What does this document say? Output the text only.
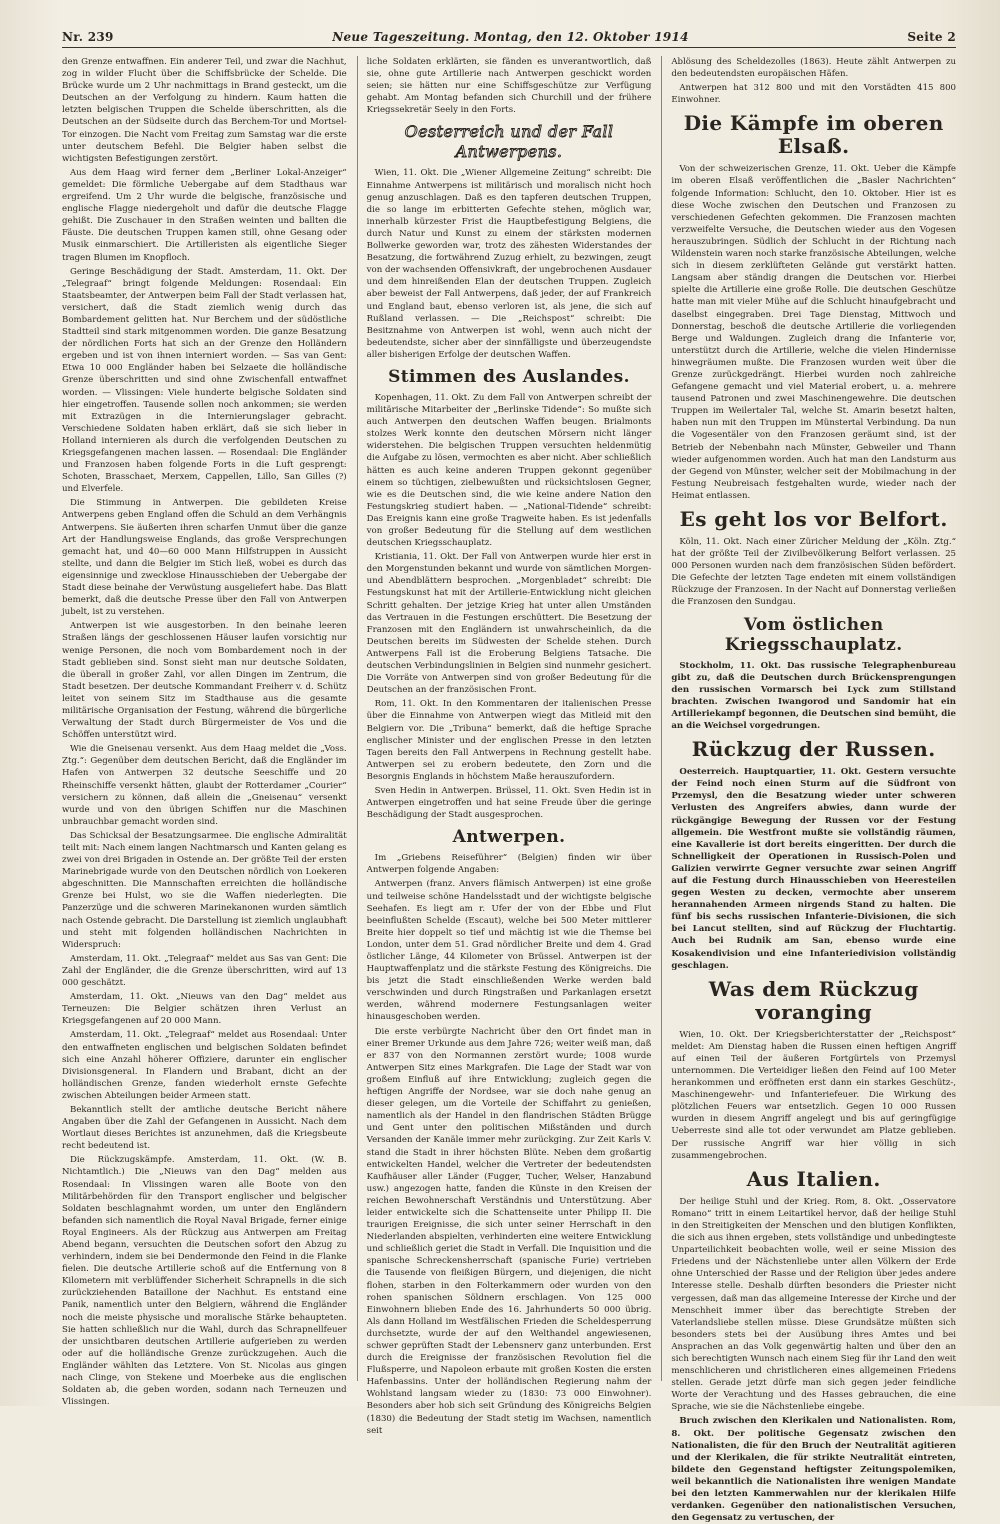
Nr. 239	Neue Tageszeitung. Montag, den 12. Oktober 1914	Seite 2

den Grenze entwaffnen. Ein anderer Teil, und zwar die Nachhut, zog in wilder Flucht über die Schiffsbrücke der Schelde. Die Brücke wurde um 2 Uhr nachmittags in Brand gesteckt, um die Deutschen an der Verfolgung zu hindern. Kaum hatten die letzten belgischen Truppen die Schelde überschritten, als die Deutschen an der Südseite durch das Berchem-Tor und Mortsel-Tor einzogen. Die Nacht vom Freitag zum Samstag war die erste unter deutschem Befehl. Die Belgier haben selbst die wichtigsten Befestigungen zerstört.

Aus dem Haag wird ferner dem „Berliner Lokal-Anzeiger“ gemeldet: Die förmliche Uebergabe auf dem Stadthaus war ergreifend. Um 2 Uhr wurde die belgische, französische und englische Flagge niedergeholt und dafür die deutsche Flagge gehißt. Die Zuschauer in den Straßen weinten und ballten die Fäuste. Die deutschen Truppen kamen still, ohne Gesang oder Musik einmarschiert. Die Artilleristen als eigentliche Sieger tragen Blumen im Knopfloch.

Geringe Beschädigung der Stadt. Amsterdam, 11. Okt. Der „Telegraaf“ bringt folgende Meldungen: Rosendaal: Ein Staatsbeamter, der Antwerpen beim Fall der Stadt verlassen hat, versichert, daß die Stadt ziemlich wenig durch das Bombardement gelitten hat. Nur Berchem und der südöstliche Stadtteil sind stark mitgenommen worden. Die ganze Besatzung der nördlichen Forts hat sich an der Grenze den Holländern ergeben und ist von ihnen interniert worden. — Sas van Gent: Etwa 10 000 Engländer haben bei Selzaete die holländische Grenze überschritten und sind ohne Zwischenfall entwaffnet worden. — Vlissingen: Viele hunderte belgische Soldaten sind hier eingetroffen. Tausende sollen noch ankommen; sie werden mit Extrazügen in die Internierungslager gebracht. Verschiedene Soldaten haben erklärt, daß sie sich lieber in Holland internieren als durch die verfolgenden Deutschen zu Kriegsgefangenen machen lassen. — Rosendaal: Die Engländer und Franzosen haben folgende Forts in die Luft gesprengt: Schoten, Brasschaet, Merxem, Cappellen, Lillo, San Gilles (?) und Elverfele.

Die Stimmung in Antwerpen. Die gebildeten Kreise Antwerpens geben England offen die Schuld an dem Verhängnis Antwerpens. Sie äußerten ihren scharfen Unmut über die ganze Art der Handlungsweise Englands, das große Versprechungen gemacht hat, und 40—60 000 Mann Hilfstruppen in Aussicht stellte, und dann die Belgier im Stich ließ, wobei es durch das eigensinnige und zwecklose Hinausschieben der Uebergabe der Stadt diese beinahe der Verwüstung ausgeliefert habe. Das Blatt bemerkt, daß die deutsche Presse über den Fall von Antwerpen jubelt, ist zu verstehen.

Antwerpen ist wie ausgestorben. In den beinahe leeren Straßen längs der geschlossenen Häuser laufen vorsichtig nur wenige Personen, die noch vom Bombardement noch in der Stadt geblieben sind. Sonst sieht man nur deutsche Soldaten, die überall in großer Zahl, vor allen Dingen im Zentrum, die Stadt besetzen. Der deutsche Kommandant Freiherr v. d. Schütz leitet von seinem Sitz im Stadthause aus die gesamte militärische Organisation der Festung, während die bürgerliche Verwaltung der Stadt durch Bürgermeister de Vos und die Schöffen unterstützt wird.

Wie die Gneisenau versenkt. Aus dem Haag meldet die „Voss. Ztg.“: Gegenüber dem deutschen Bericht, daß die Engländer im Hafen von Antwerpen 32 deutsche Seeschiffe und 20 Rheinschiffe versenkt hätten, glaubt der Rotterdamer „Courier“ versichern zu können, daß allein die „Gneisenau“ versenkt wurde und von den übrigen Schiffen nur die Maschinen unbrauchbar gemacht worden sind.

Das Schicksal der Besatzungsarmee. Die englische Admiralität teilt mit: Nach einem langen Nachtmarsch und Kanten gelang es zwei von drei Brigaden in Ostende an. Der größte Teil der ersten Marinebrigade wurde von den Deutschen nördlich von Loekeren abgeschnitten. Die Mannschaften erreichten die holländische Grenze bei Hulst, wo sie die Waffen niederlegten. Die Panzerzüge und die schweren Marinekanonen wurden sämtlich nach Ostende gebracht. Die Darstellung ist ziemlich unglaubhaft und steht mit folgenden holländischen Nachrichten in Widerspruch:

Amsterdam, 11. Okt. „Telegraaf“ meldet aus Sas van Gent: Die Zahl der Engländer, die die Grenze überschritten, wird auf 13 000 geschätzt.

Amsterdam, 11. Okt. „Nieuws van den Dag“ meldet aus Terneuzen: Die Belgier schätzen ihren Verlust an Kriegsgefangenen auf 20 000 Mann.

Amsterdam, 11. Okt. „Telegraaf“ meldet aus Rosendaal: Unter den entwaffneten englischen und belgischen Soldaten befindet sich eine Anzahl höherer Offiziere, darunter ein englischer Divisionsgeneral. In Flandern und Brabant, dicht an der holländischen Grenze, fanden wiederholt ernste Gefechte zwischen Abteilungen beider Armeen statt.

Bekanntlich stellt der amtliche deutsche Bericht nähere Angaben über die Zahl der Gefangenen in Aussicht. Nach dem Wortlaut dieses Berichtes ist anzunehmen, daß die Kriegsbeute recht bedeutend ist.

Die Rückzugskämpfe. Amsterdam, 11. Okt. (W. B. Nichtamtlich.) Die „Nieuws van den Dag“ melden aus Rosendaal: In Vlissingen waren alle Boote von den Militärbehörden für den Transport englischer und belgischer Soldaten beschlagnahmt worden, um unter den Engländern befanden sich namentlich die Royal Naval Brigade, ferner einige Royal Engineers. Als der Rückzug aus Antwerpen am Freitag Abend begann, versuchten die Deutschen sofort den Abzug zu verhindern, indem sie bei Dendermonde den Feind in die Flanke fielen. Die deutsche Artillerie schoß auf die Entfernung von 8 Kilometern mit verblüffender Sicherheit Schrapnells in die sich zurückziehenden Bataillone der Nachhut. Es entstand eine Panik, namentlich unter den Belgiern, während die Engländer noch die meiste physische und moralische Stärke behaupteten. Sie hatten schließlich nur die Wahl, durch das Schrapnellfeuer der unsichtbaren deutschen Artillerie aufgerieben zu werden oder auf die holländische Grenze zurückzugehen. Auch die Engländer wählten das Letztere. Von St. Nicolas aus gingen nach Clinge, von Stekene und Moerbeke aus die englischen Soldaten ab, die geben worden, sodann nach Terneuzen und Vlissingen.

liche Soldaten erklärten, sie fänden es unverantwortlich, daß sie, ohne gute Artillerie nach Antwerpen geschickt worden seien; sie hätten nur eine Schiffsgeschütze zur Verfügung gehabt. Am Montag befanden sich Churchill und der frühere Kriegssekretär Seely in den Forts.

Oesterreich und der Fall Antwerpens.

Wien, 11. Okt. Die „Wiener Allgemeine Zeitung“ schreibt: Die Einnahme Antwerpens ist militärisch und moralisch nicht hoch genug anzuschlagen. Daß es den tapferen deutschen Truppen, die so lange im erbitterten Gefechte stehen, möglich war, innerhalb kürzester Frist die Hauptbefestigung Belgiens, die durch Natur und Kunst zu einem der stärksten modernen Bollwerke geworden war, trotz des zähesten Widerstandes der Besatzung, die fortwährend Zuzug erhielt, zu bezwingen, zeugt von der wachsenden Offensivkraft, der ungebrochenen Ausdauer und dem hinreißenden Elan der deutschen Truppen. Zugleich aber beweist der Fall Antwerpens, daß jeder, der auf Frankreich und England baut, ebenso verloren ist, als jene, die sich auf Rußland verlassen. — Die „Reichspost“ schreibt: Die Besitznahme von Antwerpen ist wohl, wenn auch nicht der bedeutendste, sicher aber der sinnfälligste und überzeugendste aller bisherigen Erfolge der deutschen Waffen.

Stimmen des Auslandes.

Kopenhagen, 11. Okt. Zu dem Fall von Antwerpen schreibt der militärische Mitarbeiter der „Berlinske Tidende“: So mußte sich auch Antwerpen den deutschen Waffen beugen. Brialmonts stolzes Werk konnte den deutschen Mörsern nicht länger widerstehen. Die belgischen Truppen versuchten heldenmütig die Aufgabe zu lösen, vermochten es aber nicht. Aber schließlich hätten es auch keine anderen Truppen gekonnt gegenüber einem so tüchtigen, zielbewußten und rücksichtslosen Gegner, wie es die Deutschen sind, die wie keine andere Nation den Festungskrieg studiert haben. — „National-Tidende“ schreibt: Das Ereignis kann eine große Tragweite haben. Es ist jedenfalls von großer Bedeutung für die Stellung auf dem westlichen deutschen Kriegsschauplatz.

Kristiania, 11. Okt. Der Fall von Antwerpen wurde hier erst in den Morgenstunden bekannt und wurde von sämtlichen Morgen- und Abendblättern besprochen. „Morgenbladet“ schreibt: Die Festungskunst hat mit der Artillerie-Entwicklung nicht gleichen Schritt gehalten. Der jetzige Krieg hat unter allen Umständen das Vertrauen in die Festungen erschüttert. Die Besetzung der Franzosen mit den Engländern ist unwahrscheinlich, da die Deutschen bereits im Südwesten der Schelde stehen. Durch Antwerpens Fall ist die Eroberung Belgiens Tatsache. Die deutschen Verbindungslinien in Belgien sind nunmehr gesichert. Die Vorräte von Antwerpen sind von großer Bedeutung für die Deutschen an der französischen Front.

Rom, 11. Okt. In den Kommentaren der italienischen Presse über die Einnahme von Antwerpen wiegt das Mitleid mit den Belgiern vor. Die „Tribuna“ bemerkt, daß die heftige Sprache englischer Minister und der englischen Presse in den letzten Tagen bereits den Fall Antwerpens in Rechnung gestellt habe. Antwerpen sei zu erobern bedeutete, den Zorn und die Besorgnis Englands in höchstem Maße herauszufordern.

Sven Hedin in Antwerpen. Brüssel, 11. Okt. Sven Hedin ist in Antwerpen eingetroffen und hat seine Freude über die geringe Beschädigung der Stadt ausgesprochen.

Antwerpen.

Im „Griebens Reiseführer“ (Belgien) finden wir über Antwerpen folgende Angaben:

Antwerpen (franz. Anvers flämisch Antwerpen) ist eine große und teilweise schöne Handelsstadt und der wichtigste belgische Seehafen. Es liegt am r. Ufer der von der Ebbe und Flut beeinflußten Schelde (Escaut), welche bei 500 Meter mittlerer Breite hier doppelt so tief und mächtig ist wie die Themse bei London, unter dem 51. Grad nördlicher Breite und dem 4. Grad östlicher Länge, 44 Kilometer von Brüssel. Antwerpen ist der Hauptwaffenplatz und die stärkste Festung des Königreichs. Die bis jetzt die Stadt einschließenden Werke werden bald verschwinden und durch Ringstraßen und Parkanlagen ersetzt werden, während modernere Festungsanlagen weiter hinausgeschoben werden.

Die erste verbürgte Nachricht über den Ort findet man in einer Bremer Urkunde aus dem Jahre 726; weiter weiß man, daß er 837 von den Normannen zerstört wurde; 1008 wurde Antwerpen Sitz eines Markgrafen. Die Lage der Stadt war von großem Einfluß auf ihre Entwicklung; zugleich gegen die heftigen Angriffe der Nordsee, war sie doch nahe genug an dieser gelegen, um die Vorteile der Schiffahrt zu genießen, namentlich als der Handel in den flandrischen Städten Brügge und Gent unter den politischen Mißständen und durch Versanden der Kanäle immer mehr zurückging. Zur Zeit Karls V. stand die Stadt in ihrer höchsten Blüte. Neben dem großartig entwickelten Handel, welcher die Vertreter der bedeutendsten Kaufhäuser aller Länder (Fugger, Tucher, Welser, Hanzabund usw.) angezogen hatte, fanden die Künste in den Kreisen der reichen Bewohnerschaft Verständnis und Unterstützung. Aber leider entwickelte sich die Schattenseite unter Philipp II. Die traurigen Ereignisse, die sich unter seiner Herrschaft in den Niederlanden abspielten, verhinderten eine weitere Entwicklung und schließlich geriet die Stadt in Verfall. Die Inquisition und die spanische Schreckensherrschaft (spanische Furie) vertrieben die Tausende von fleißigen Bürgern, und diejenigen, die nicht flohen, starben in den Folterkammern oder wurden von den rohen spanischen Söldnern erschlagen. Von 125 000 Einwohnern blieben Ende des 16. Jahrhunderts 50 000 übrig. Als dann Holland im Westfälischen Frieden die Scheldesperrung durchsetzte, wurde der auf den Welthandel angewiesenen, schwer geprüften Stadt der Lebensnerv ganz unterbunden. Erst durch die Ereignisse der französischen Revolution fiel die Flußsperre, und Napoleon erbaute mit großen Kosten die ersten Hafenbassins. Unter der holländischen Regierung nahm der Wohlstand langsam wieder zu (1830: 73 000 Einwohner). Besonders aber hob sich seit Gründung des Königreichs Belgien (1830) die Bedeutung der Stadt stetig im Wachsen, namentlich seit

Ablösung des Scheldezolles (1863). Heute zählt Antwerpen zu den bedeutendsten europäischen Häfen.

Antwerpen hat 312 800 und mit den Vorstädten 415 800 Einwohner.

Die Kämpfe im oberen Elsaß.

Von der schweizerischen Grenze, 11. Okt. Ueber die Kämpfe im oberen Elsaß veröffentlichen die „Basler Nachrichten“ folgende Information: Schlucht, den 10. Oktober. Hier ist es diese Woche zwischen den Deutschen und Franzosen zu verschiedenen Gefechten gekommen. Die Franzosen machten verzweifelte Versuche, die Deutschen wieder aus den Vogesen herauszubringen. Südlich der Schlucht in der Richtung nach Wildenstein waren noch starke französische Abteilungen, welche sich in diesem zerklüfteten Gelände gut verstärkt hatten. Langsam aber ständig drangen die Deutschen vor. Hierbei spielte die Artillerie eine große Rolle. Die deutschen Geschütze hatte man mit vieler Mühe auf die Schlucht hinaufgebracht und daselbst eingegraben. Drei Tage Dienstag, Mittwoch und Donnerstag, beschoß die deutsche Artillerie die vorliegenden Berge und Waldungen. Zugleich drang die Infanterie vor, unterstützt durch die Artillerie, welche die vielen Hindernisse hinwegräumen mußte. Die Franzosen wurden weit über die Grenze zurückgedrängt. Hierbei wurden noch zahlreiche Gefangene gemacht und viel Material erobert, u. a. mehrere tausend Patronen und zwei Maschinengewehre. Die deutschen Truppen im Weilertaler Tal, welche St. Amarin besetzt halten, haben nun mit den Truppen im Münstertal Verbindung. Da nun die Vogesentäler von den Franzosen geräumt sind, ist der Betrieb der Nebenbahn nach Münster, Gebweiler und Thann wieder aufgenommen worden. Auch hat man den Landsturm aus der Gegend von Münster, welcher seit der Mobilmachung in der Festung Neubreisach festgehalten wurde, wieder nach der Heimat entlassen.

Es geht los vor Belfort.

Köln, 11. Okt. Nach einer Züricher Meldung der „Köln. Ztg.“ hat der größte Teil der Zivilbevölkerung Belfort verlassen. 25 000 Personen wurden nach dem französischen Süden befördert. Die Gefechte der letzten Tage endeten mit einem vollständigen Rückzuge der Franzosen. In der Nacht auf Donnerstag verließen die Franzosen den Sundgau.

Vom östlichen Kriegsschauplatz.

Stockholm, 11. Okt. Das russische Telegraphenbureau gibt zu, daß die Deutschen durch Brückensprengungen den russischen Vormarsch bei Lyck zum Stillstand brachten. Zwischen Iwangorod und Sandomir hat ein Artilleriekampf begonnen, die Deutschen sind bemüht, die an die Weichsel vorgedrungen.

Rückzug der Russen.

Oesterreich. Hauptquartier, 11. Okt. Gestern versuchte der Feind noch einen Sturm auf die Südfront von Przemysl, den die Besatzung wieder unter schweren Verlusten des Angreifers abwies, dann wurde der rückgängige Bewegung der Russen vor der Festung allgemein. Die Westfront mußte sie vollständig räumen, eine Kavallerie ist dort bereits eingeritten. Der durch die Schnelligkeit der Operationen in Russisch-Polen und Galizien verwirrte Gegner versuchte zwar seinen Angriff auf die Festung durch Hinausschieben von Heeresteilen gegen Westen zu decken, vermochte aber unserem herannahenden Armeen nirgends Stand zu halten. Die fünf bis sechs russischen Infanterie-Divisionen, die sich bei Lancut stellten, sind auf Rückzug der Fluchtartig. Auch bei Rudnik am San, ebenso wurde eine Kosakendivision und eine Infanteriedivision vollständig geschlagen.

Was dem Rückzug voranging

Wien, 10. Okt. Der Kriegsberichterstatter der „Reichspost“ meldet: Am Dienstag haben die Russen einen heftigen Angriff auf einen Teil der äußeren Fortgürtels von Przemysl unternommen. Die Verteidiger ließen den Feind auf 100 Meter herankommen und eröffneten erst dann ein starkes Geschütz-, Maschinengewehr- und Infanteriefeuer. Die Wirkung des plötzlichen Feuers war entsetzlich. Gegen 10 000 Russen wurden in diesem Angriff angelegt und bis auf geringfügige Ueberreste sind alle tot oder verwundet am Platze geblieben. Der russische Angriff war hier völlig in sich zusammengebrochen.

Aus Italien.

Der heilige Stuhl und der Krieg. Rom, 8. Okt. „Osservatore Romano“ tritt in einem Leitartikel hervor, daß der heilige Stuhl in den Streitigkeiten der Menschen und den blutigen Konflikten, die sich aus ihnen ergeben, stets vollständige und unbedingteste Unparteilichkeit beobachten wolle, weil er seine Mission des Friedens und der Nächstenliebe unter allen Völkern der Erde ohne Unterschied der Rasse und der Religion über jedes andere Interesse stelle. Deshalb dürften besonders die Priester nicht vergessen, daß man das allgemeine Interesse der Kirche und der Menschheit immer über das berechtigte Streben der Vaterlandsliebe stellen müsse. Diese Grundsätze müßten sich besonders stets bei der Ausübung ihres Amtes und bei Ansprachen an das Volk gegenwärtig halten und über den an sich berechtigten Wunsch nach einem Sieg für ihr Land den weit menschlicheren und christlicheren eines allgemeinen Friedens stellen. Gerade jetzt dürfe man sich gegen jeder feindliche Worte der Verachtung und des Hasses gebrauchen, die eine Sprache, wie sie die Nächstenliebe eingebe.

Bruch zwischen den Klerikalen und Nationalisten. Rom, 8. Okt. Der politische Gegensatz zwischen den Nationalisten, die für den Bruch der Neutralität agitieren und der Klerikalen, die für strikte Neutralität eintreten, bildete den Gegenstand heftigster Zeitungspolemiken, weil bekanntlich die Nationalisten ihre wenigen Mandate bei den letzten Kammerwahlen nur der klerikalen Hilfe verdanken. Gegenüber den nationalistischen Versuchen, den Gegensatz zu vertuschen, der
